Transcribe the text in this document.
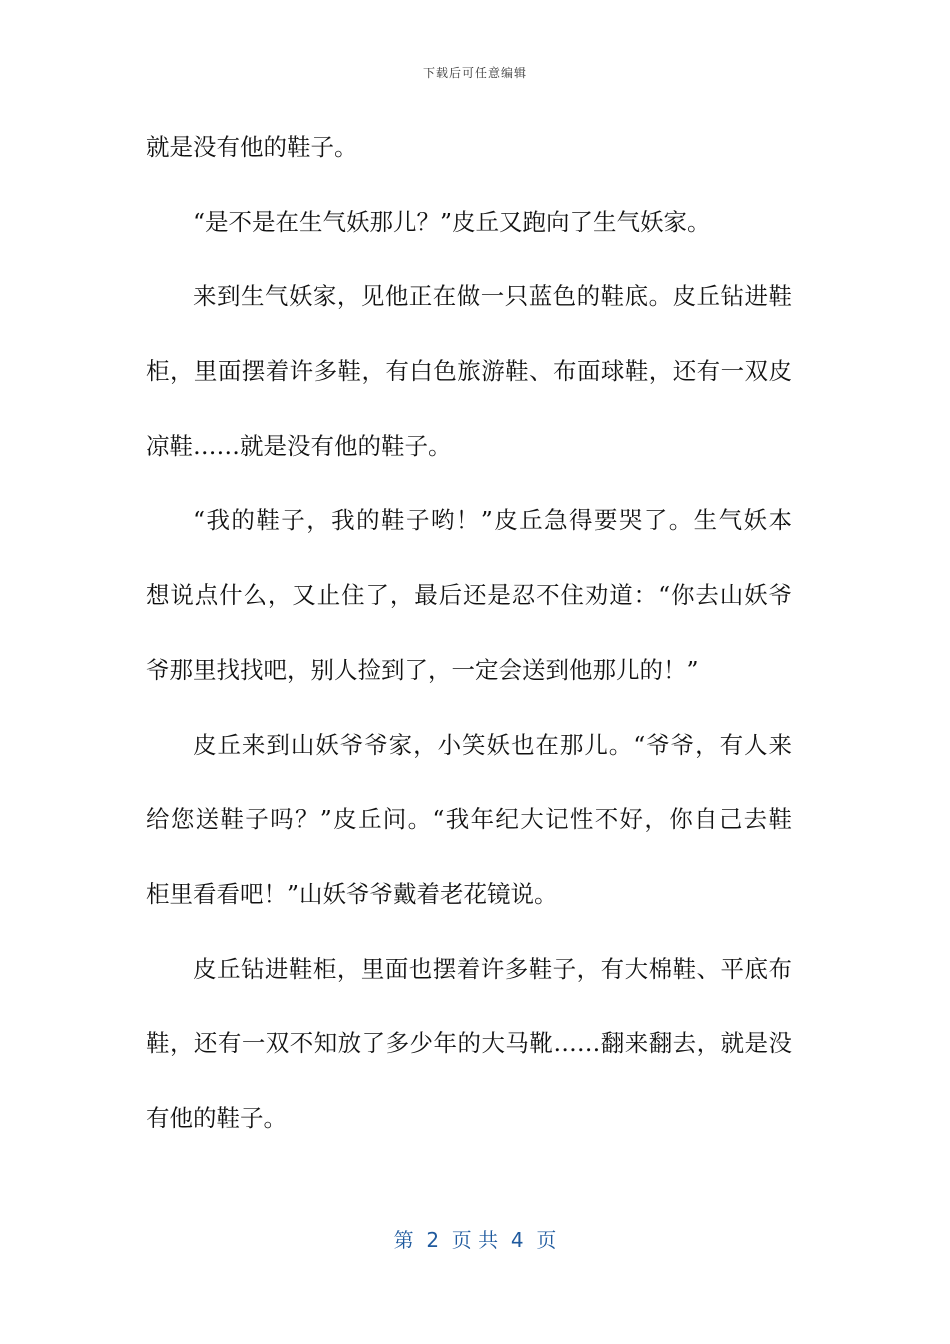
下载后可任意编辑
就是没有他的鞋子。
“是不是在生气妖那儿？”皮丘又跑向了生气妖家。
来到生气妖家，见他正在做一只蓝色的鞋底。皮丘钻进鞋
柜，里面摆着许多鞋，有白色旅游鞋、布面球鞋，还有一双皮
凉鞋……就是没有他的鞋子。
“我的鞋子，我的鞋子哟！”皮丘急得要哭了。生气妖本
想说点什么，又止住了，最后还是忍不住劝道：“你去山妖爷
爷那里找找吧，别人捡到了，一定会送到他那儿的！”
皮丘来到山妖爷爷家，小笑妖也在那儿。“爷爷，有人来
给您送鞋子吗？”皮丘问。“我年纪大记性不好，你自己去鞋
柜里看看吧！”山妖爷爷戴着老花镜说。
皮丘钻进鞋柜，里面也摆着许多鞋子，有大棉鞋、平底布
鞋，还有一双不知放了多少年的大马靴……翻来翻去，就是没
有他的鞋子。
第  2  页 共  4  页
